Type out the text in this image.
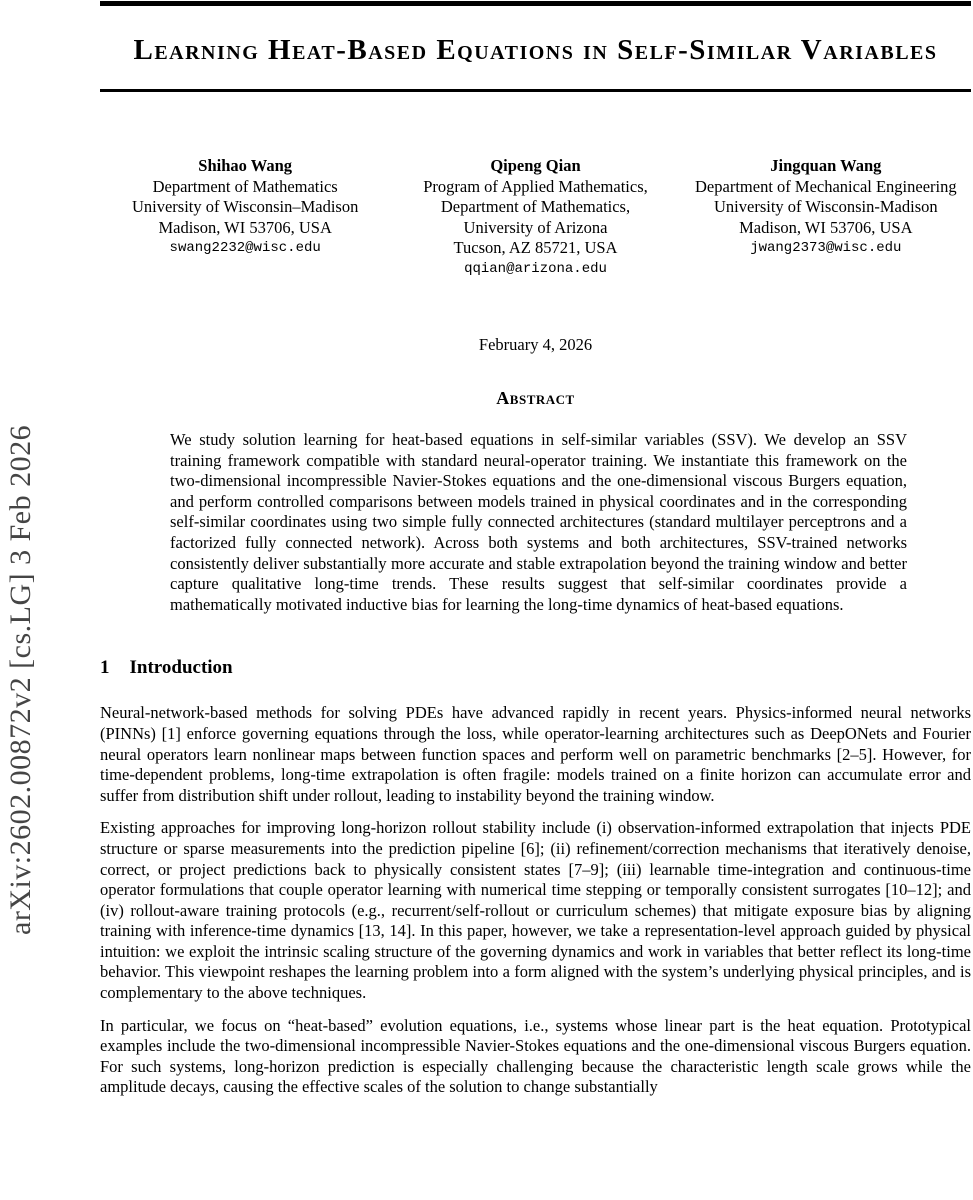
arXiv:2602.00872v2 [cs.LG] 3 Feb 2026
Learning Heat-Based Equations in Self-Similar Variables
Shihao Wang
Department of Mathematics
University of Wisconsin–Madison
Madison, WI 53706, USA
swang2232@wisc.edu
Qipeng Qian
Program of Applied Mathematics,
Department of Mathematics,
University of Arizona
Tucson, AZ 85721, USA
qqian@arizona.edu
Jingquan Wang
Department of Mechanical Engineering
University of Wisconsin-Madison
Madison, WI 53706, USA
jwang2373@wisc.edu
February 4, 2026
Abstract
We study solution learning for heat-based equations in self-similar variables (SSV). We develop an SSV training framework compatible with standard neural-operator training. We instantiate this framework on the two-dimensional incompressible Navier-Stokes equations and the one-dimensional viscous Burgers equation, and perform controlled comparisons between models trained in physical coordinates and in the corresponding self-similar coordinates using two simple fully connected architectures (standard multilayer perceptrons and a factorized fully connected network). Across both systems and both architectures, SSV-trained networks consistently deliver substantially more accurate and stable extrapolation beyond the training window and better capture qualitative long-time trends. These results suggest that self-similar coordinates provide a mathematically motivated inductive bias for learning the long-time dynamics of heat-based equations.
1 Introduction

Neural-network-based methods for solving PDEs have advanced rapidly in recent years. Physics-informed neural networks (PINNs) [1] enforce governing equations through the loss, while operator-learning architectures such as DeepONets and Fourier neural operators learn nonlinear maps between function spaces and perform well on parametric benchmarks [2–5]. However, for time-dependent problems, long-time extrapolation is often fragile: models trained on a finite horizon can accumulate error and suffer from distribution shift under rollout, leading to instability beyond the training window.

Existing approaches for improving long-horizon rollout stability include (i) observation-informed extrapolation that injects PDE structure or sparse measurements into the prediction pipeline [6]; (ii) refinement/correction mechanisms that iteratively denoise, correct, or project predictions back to physically consistent states [7–9]; (iii) learnable time-integration and continuous-time operator formulations that couple operator learning with numerical time stepping or temporally consistent surrogates [10–12]; and (iv) rollout-aware training protocols (e.g., recurrent/self-rollout or curriculum schemes) that mitigate exposure bias by aligning training with inference-time dynamics [13, 14]. In this paper, however, we take a representation-level approach guided by physical intuition: we exploit the intrinsic scaling structure of the governing dynamics and work in variables that better reflect its long-time behavior. This viewpoint reshapes the learning problem into a form aligned with the system’s underlying physical principles, and is complementary to the above techniques.

In particular, we focus on “heat-based” evolution equations, i.e., systems whose linear part is the heat equation. Prototypical examples include the two-dimensional incompressible Navier-Stokes equations and the one-dimensional viscous Burgers equation. For such systems, long-horizon prediction is especially challenging because the characteristic length scale grows while the amplitude decays, causing the effective scales of the solution to change substantially
